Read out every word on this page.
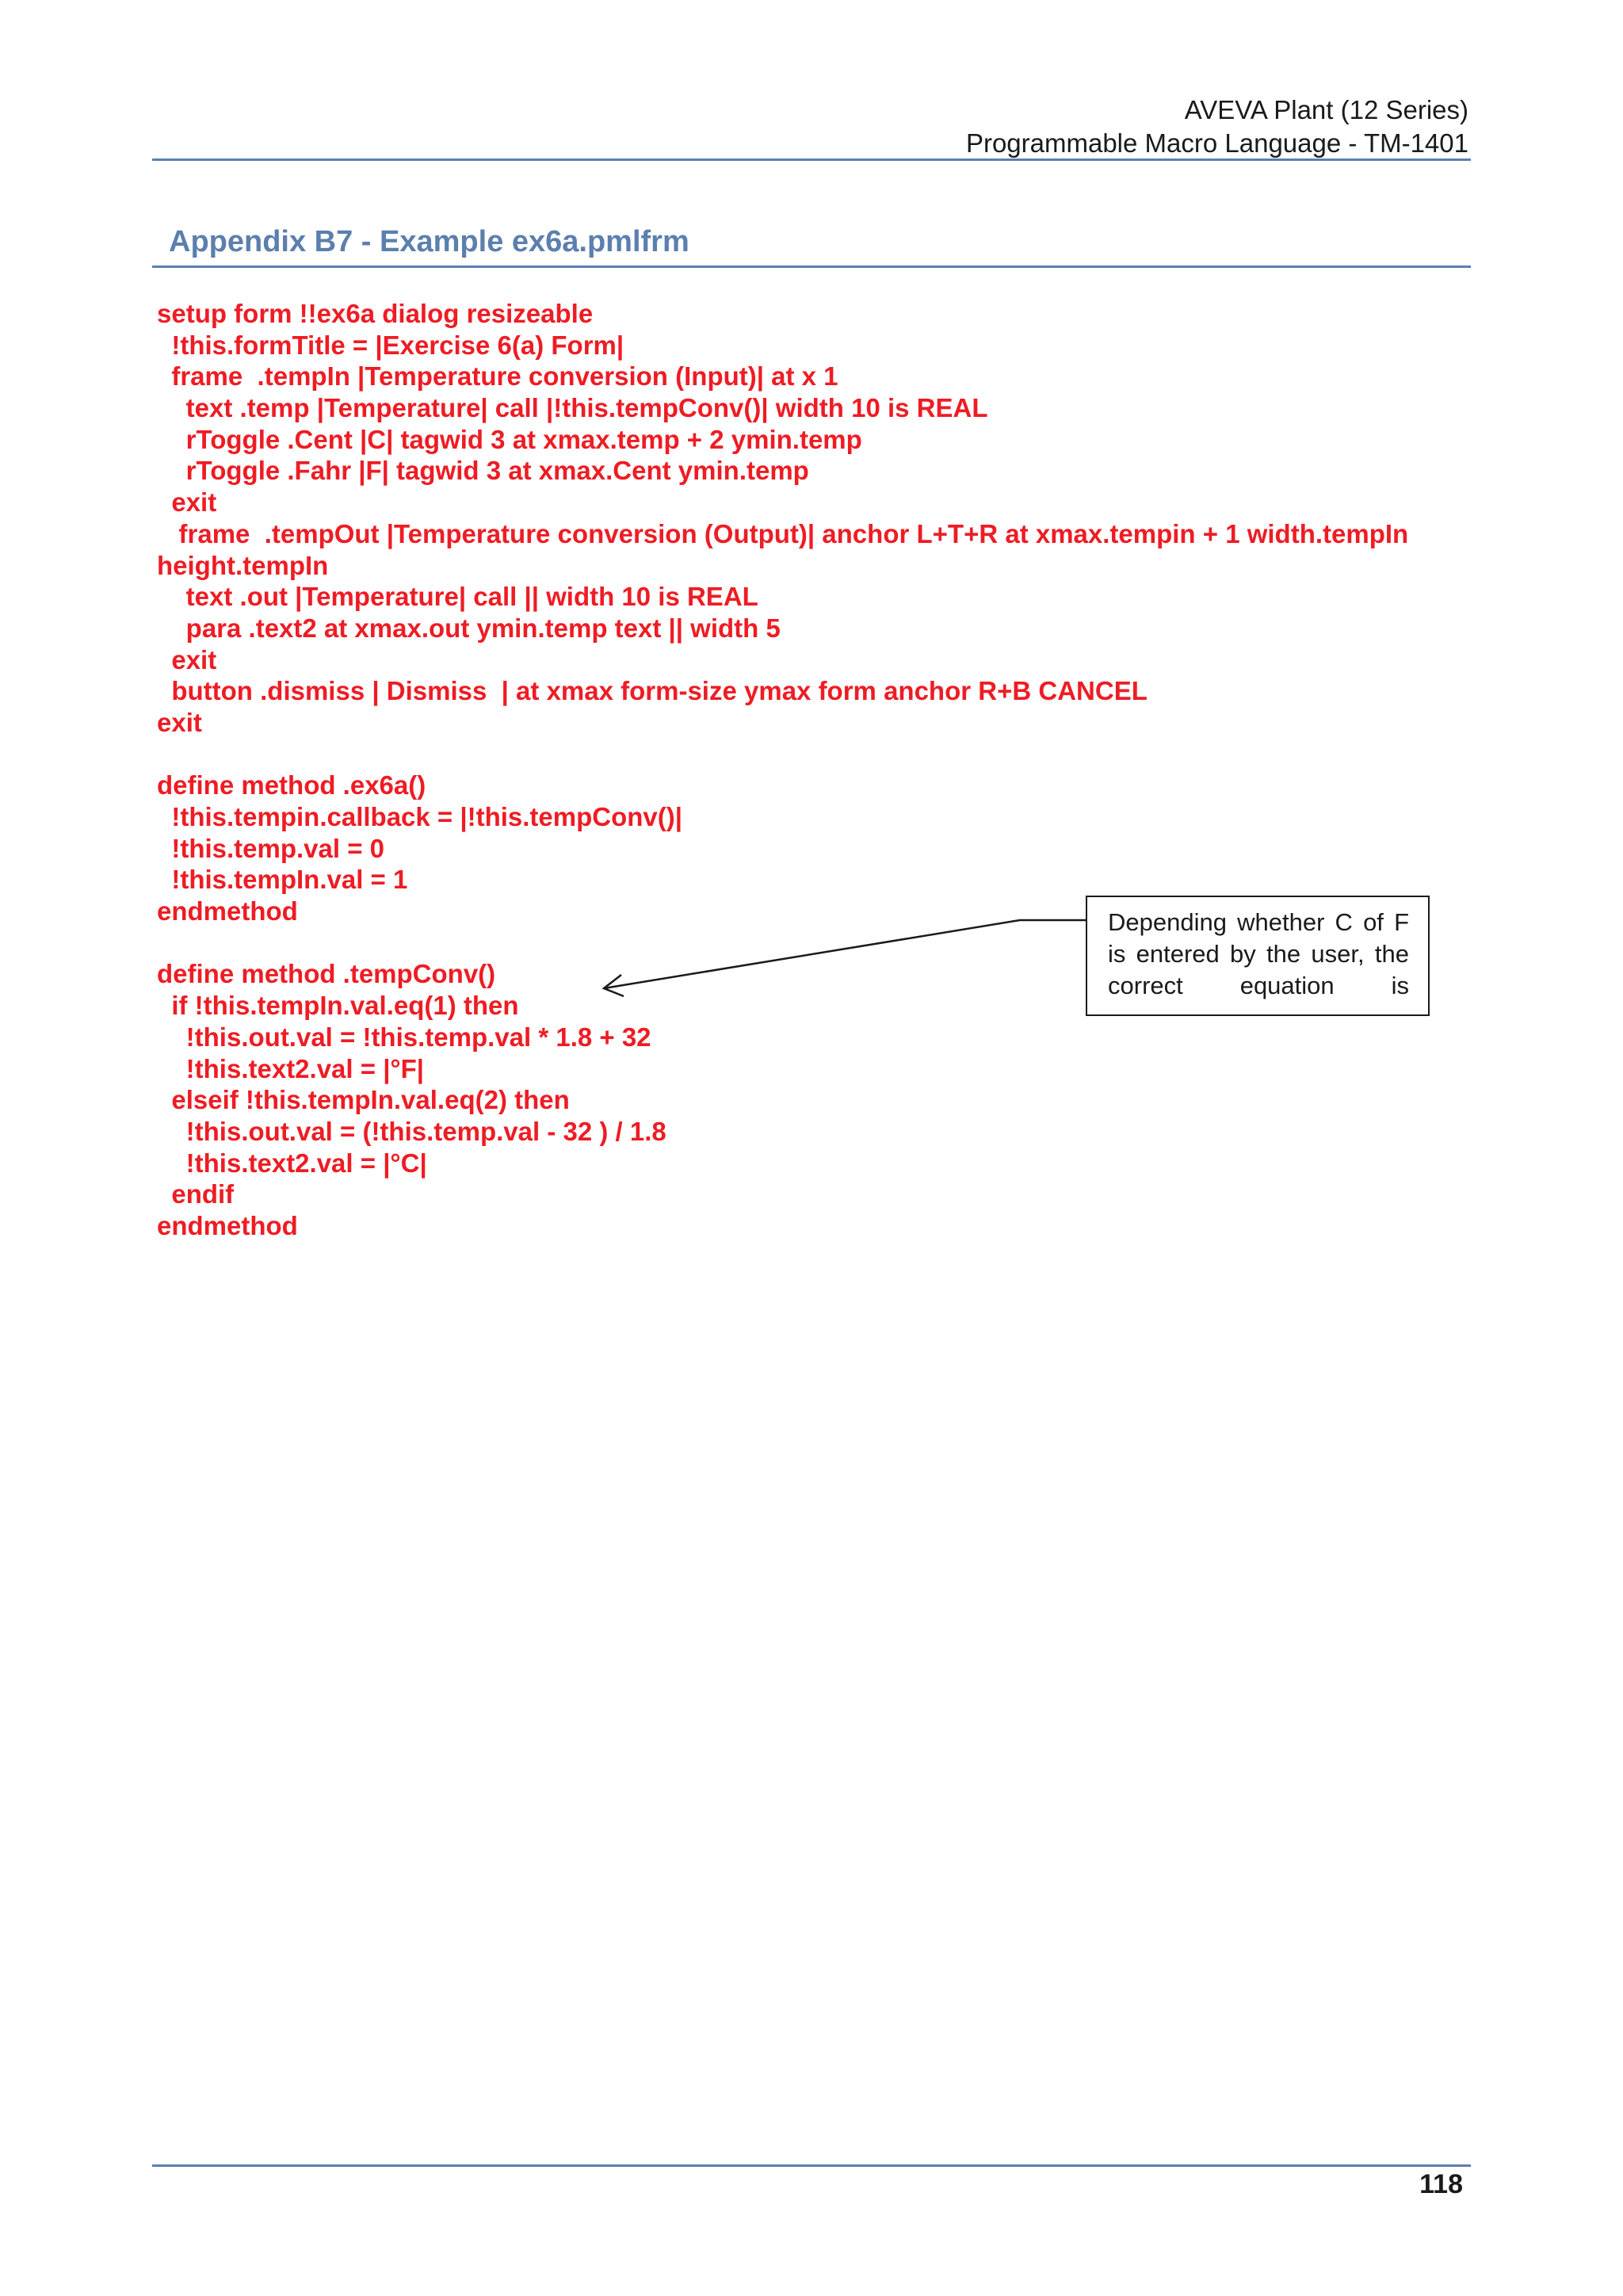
AVEVA Plant (12 Series)
Programmable Macro Language - TM-1401
Appendix B7 - Example ex6a.pmlfrm
setup form !!ex6a dialog resizeable
!this.formTitle = |Exercise 6(a) Form|
frame  .tempIn |Temperature conversion (Input)| at x 1
text .temp |Temperature| call |!this.tempConv()| width 10 is REAL
rToggle .Cent |C| tagwid 3 at xmax.temp + 2 ymin.temp
rToggle .Fahr |F| tagwid 3 at xmax.Cent ymin.temp
exit
frame  .tempOut |Temperature conversion (Output)| anchor L+T+R at xmax.tempin + 1 width.tempIn
height.tempIn
text .out |Temperature| call || width 10 is REAL
para .text2 at xmax.out ymin.temp text || width 5
exit
button .dismiss | Dismiss  | at xmax form-size ymax form anchor R+B CANCEL
exit
define method .ex6a()
!this.tempin.callback = |!this.tempConv()|
!this.temp.val = 0
!this.tempIn.val = 1
endmethod
define method .tempConv()
if !this.tempIn.val.eq(1) then
!this.out.val = !this.temp.val * 1.8 + 32
!this.text2.val = |°F|
elseif !this.tempIn.val.eq(2) then
!this.out.val = (!this.temp.val - 32 ) / 1.8
!this.text2.val = |°C|
endif
endmethod
Depending whether C of F is entered by the user, the correct equation is
118
